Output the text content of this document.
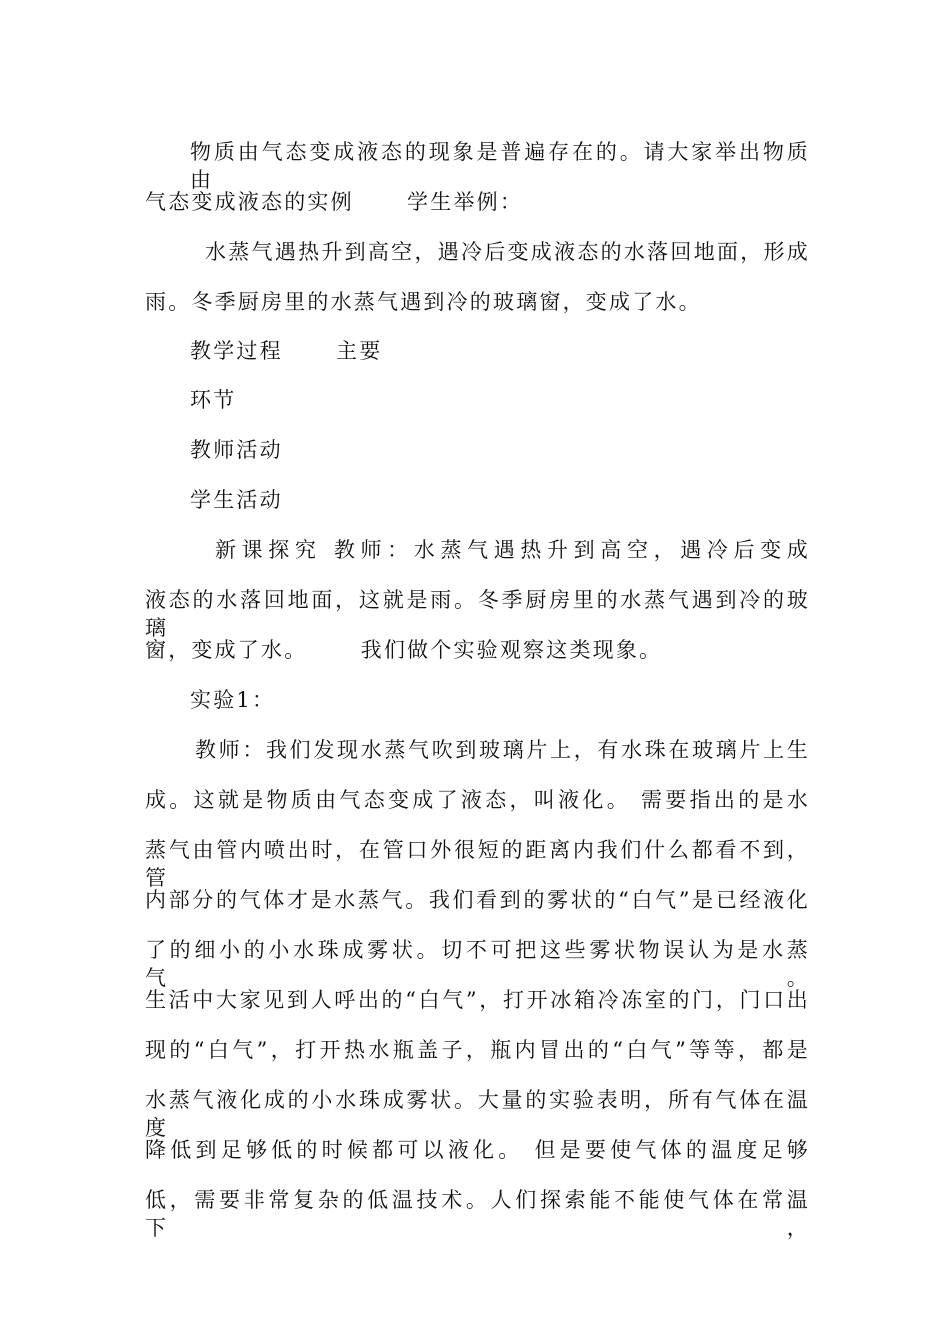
物质由气态变成液态的现象是普遍存在的。请大家举出物质由
气态变成液态的实例      学生举例：
水蒸气遇热升到高空，遇冷后变成液态的水落回地面，形成
雨。冬季厨房里的水蒸气遇到冷的玻璃窗，变成了水。
教学过程      主要
环节
教师活动
学生活动
新课探究 教师：水蒸气遇热升到高空，遇冷后变成
液态的水落回地面，这就是雨。冬季厨房里的水蒸气遇到冷的玻璃
窗，变成了水。      我们做个实验观察这类现象。
实验1：
教师：我们发现水蒸气吹到玻璃片上，有水珠在玻璃片上生
成。这就是物质由气态变成了液态，叫液化。 需要指出的是水
蒸气由管内喷出时，在管口外很短的距离内我们什么都看不到，管
内部分的气体才是水蒸气。我们看到的雾状的“白气”是已经液化
了的细小的小水珠成雾状。切不可把这些雾状物误认为是水蒸气。
生活中大家见到人呼出的“白气”，打开冰箱冷冻室的门，门口出
现的“白气”，打开热水瓶盖子，瓶内冒出的“白气”等等，都是
水蒸气液化成的小水珠成雾状。大量的实验表明，所有气体在温度
降低到足够低的时候都可以液化。 但是要使气体的温度足够
低，需要非常复杂的低温技术。人们探索能不能使气体在常温下，
